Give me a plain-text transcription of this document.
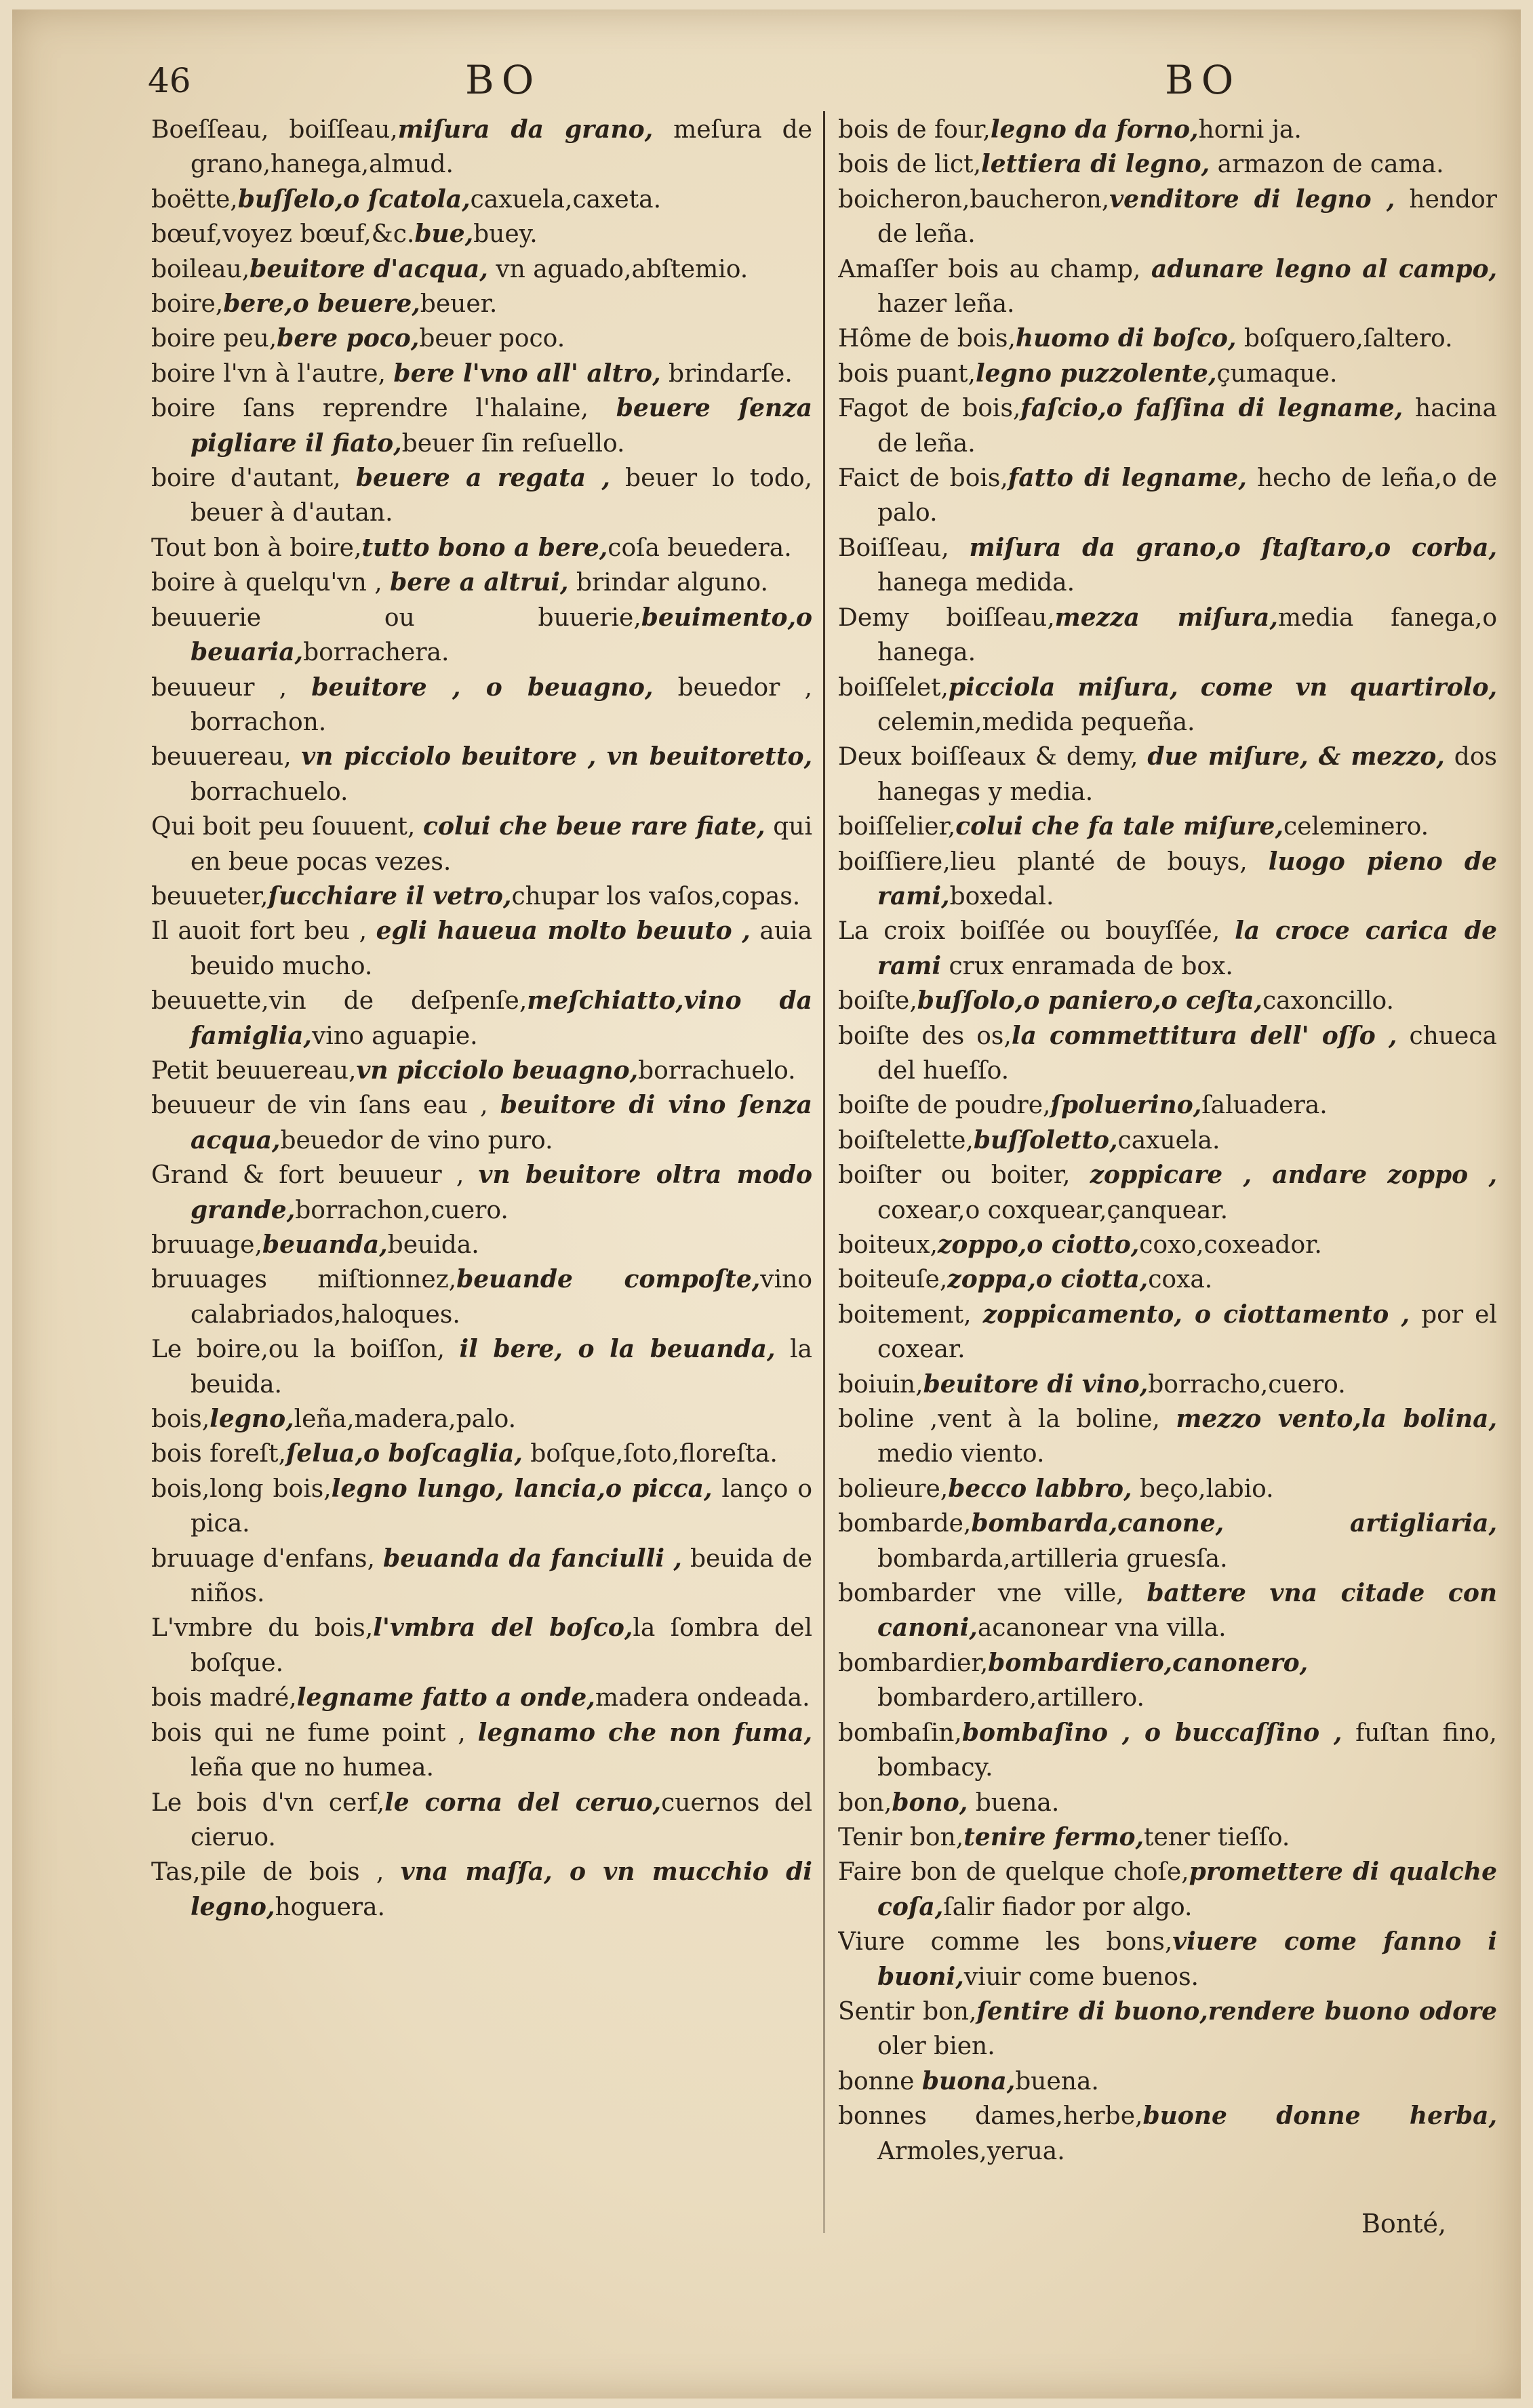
46	BO	BO

Boeſſeau, boiſſeau,miſura da grano, meſura de grano,hanega,almud.

boëtte,buſſelo,o ſcatola,caxuela,caxeta.

bœuf,voyez bœuf,&c.bue,buey.

boileau,beuitore d'acqua, vn aguado,abſtemio.

boire,bere,o beuere,beuer.

boire peu,bere poco,beuer poco.

boire l'vn à l'autre, bere l'vno all' altro, brindarſe.

boire ſans reprendre l'halaine, beuere ſenza pigliare il fiato,beuer ſin reſuello.

boire d'autant, beuere a regata , beuer lo todo, beuer à d'autan.

Tout bon à boire,tutto bono a bere,coſa beuedera.

boire à quelqu'vn , bere a altrui, brindar alguno.

beuuerie ou buuerie,beuimento,o beuaria,borrachera.

beuueur , beuitore , o beuagno, beuedor , borrachon.

beuuereau, vn picciolo beuitore , vn beuitoretto, borrachuelo.

Qui boit peu ſouuent, colui che beue rare fiate, qui en beue pocas vezes.

beuueter,ſucchiare il vetro,chupar los vaſos,copas.

Il auoit fort beu , egli haueua molto beuuto , auia beuido mucho.

beuuette,vin de deſpenſe,meſchiatto,vino da famiglia,vino aguapie.

Petit beuuereau,vn picciolo beuagno,borrachuelo.

beuueur de vin ſans eau , beuitore di vino ſenza acqua,beuedor de vino puro.

Grand & fort beuueur , vn beuitore oltra modo grande,borrachon,cuero.

bruuage,beuanda,beuida.

bruuages miſtionnez,beuande compoſte,vino calabriados,haloques.

Le boire,ou la boiſſon, il bere, o la beuanda, la beuida.

bois,legno,leña,madera,palo.

bois foreſt,ſelua,o boſcaglia, boſque,ſoto,floreſta.

bois,long bois,legno lungo, lancia,o picca, lanço o pica.

bruuage d'enfans, beuanda da fanciulli , beuida de niños.

L'vmbre du bois,l'vmbra del boſco,la ſombra del boſque.

bois madré,legname fatto a onde,madera ondeada.

bois qui ne fume point , legnamo che non fuma, leña que no humea.

Le bois d'vn cerf,le corna del ceruo,cuernos del cieruo.

Tas,pile de bois , vna maſſa, o vn mucchio di legno,hoguera.

bois de four,legno da forno,horni ja.

bois de lict,lettiera di legno, armazon de cama.

boicheron,baucheron,venditore di legno , hendor de leña.

Amaſſer bois au champ, adunare legno al campo, hazer leña.

Hôme de bois,huomo di boſco, boſquero,ſaltero.

bois puant,legno puzzolente,çumaque.

Fagot de bois,faſcio,o faſſina di legname, hacina de leña.

Faict de bois,fatto di legname, hecho de leña,o de palo.

Boiſſeau, miſura da grano,o ſtaſtaro,o corba, hanega medida.

Demy boiſſeau,mezza miſura,media fanega,o hanega.

boiſſelet,picciola miſura, come vn quartirolo, celemin,medida pequeña.

Deux boiſſeaux & demy, due miſure, & mezzo, dos hanegas y media.

boiſſelier,colui che fa tale miſure,celeminero.

boiſſiere,lieu planté de bouys, luogo pieno de rami,boxedal.

La croix boiſſée ou bouyſſée, la croce carica de rami crux enramada de box.

boiſte,buſſolo,o paniero,o ceſta,caxoncillo.

boiſte des os,la commettitura dell' oſſo , chueca del hueſſo.

boiſte de poudre,ſpoluerino,ſaluadera.

boiſtelette,buſſoletto,caxuela.

boiſter ou boiter, zoppicare , andare zoppo , coxear,o coxquear,çanquear.

boiteux,zoppo,o ciotto,coxo,coxeador.

boiteuſe,zoppa,o ciotta,coxa.

boitement, zoppicamento, o ciottamento , por el coxear.

boiuin,beuitore di vino,borracho,cuero.

boline ,vent à la boline, mezzo vento,la bolina, medio viento.

bolieure,becco labbro, beço,labio.

bombarde,bombarda,canone, artigliaria, bombarda,artilleria gruesſa.

bombarder vne ville, battere vna citade con canoni,acanonear vna villa.

bombardier,bombardiero,canonero, bombardero,artillero.

bombaſin,bombaſino , o buccaſſino , fuſtan fino, bombacy.

bon,bono, buena.

Tenir bon,tenire fermo,tener tieſſo.

Faire bon de quelque choſe,promettere di qualche coſa,ſalir fiador por algo.

Viure comme les bons,viuere come fanno i buoni,viuir come buenos.

Sentir bon,ſentire di buono,rendere buono odore oler bien.

bonne buona,buena.

bonnes dames,herbe,buone donne herba, Armoles,yerua.

Bonté,
